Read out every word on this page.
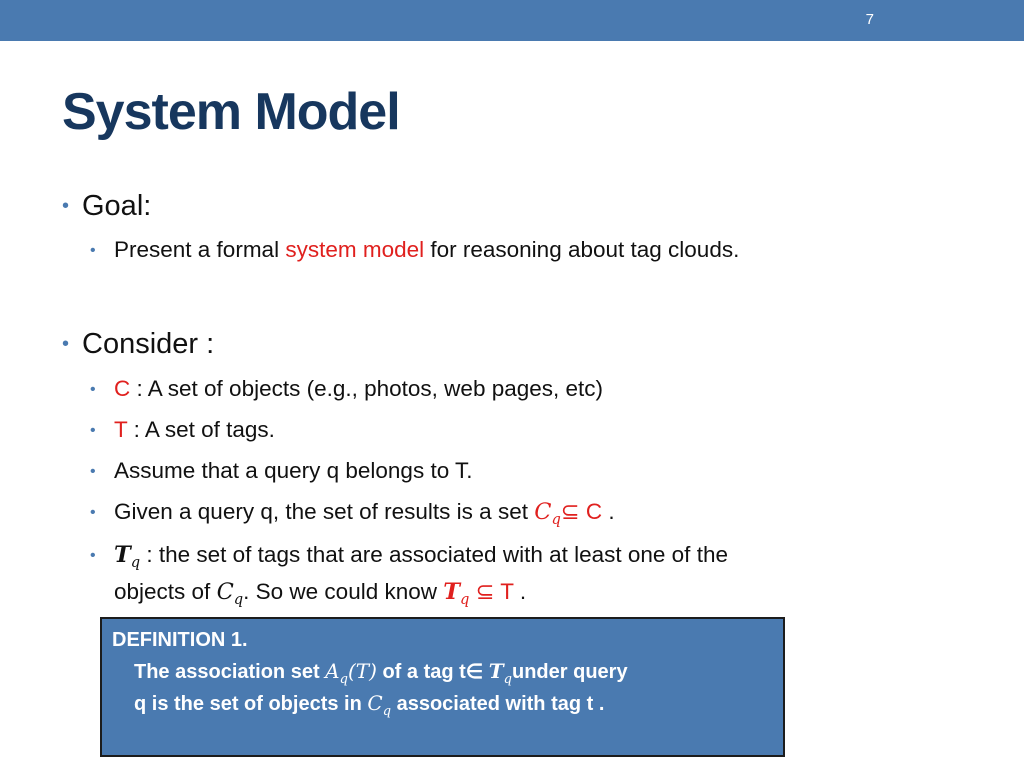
7
System Model
• Goal:
• Present a formal system model for reasoning about tag clouds.
• Consider :
• C : A set of objects (e.g., photos, web pages, etc)
• T : A set of tags.
• Assume that a query q belongs to T.
• Given a query q, the set of results is a set $C_q⊆$ C .
• $T_q$ : the set of tags that are associated with at least one of the
objects of $C_q$. So we could know $T_q$ ⊆ T .
DEFINITION 1.
The association set $A_q(T)$ of a tag t∈ $T_qunder$ query
q is the set of objects in $C_q$ associated with tag t .
